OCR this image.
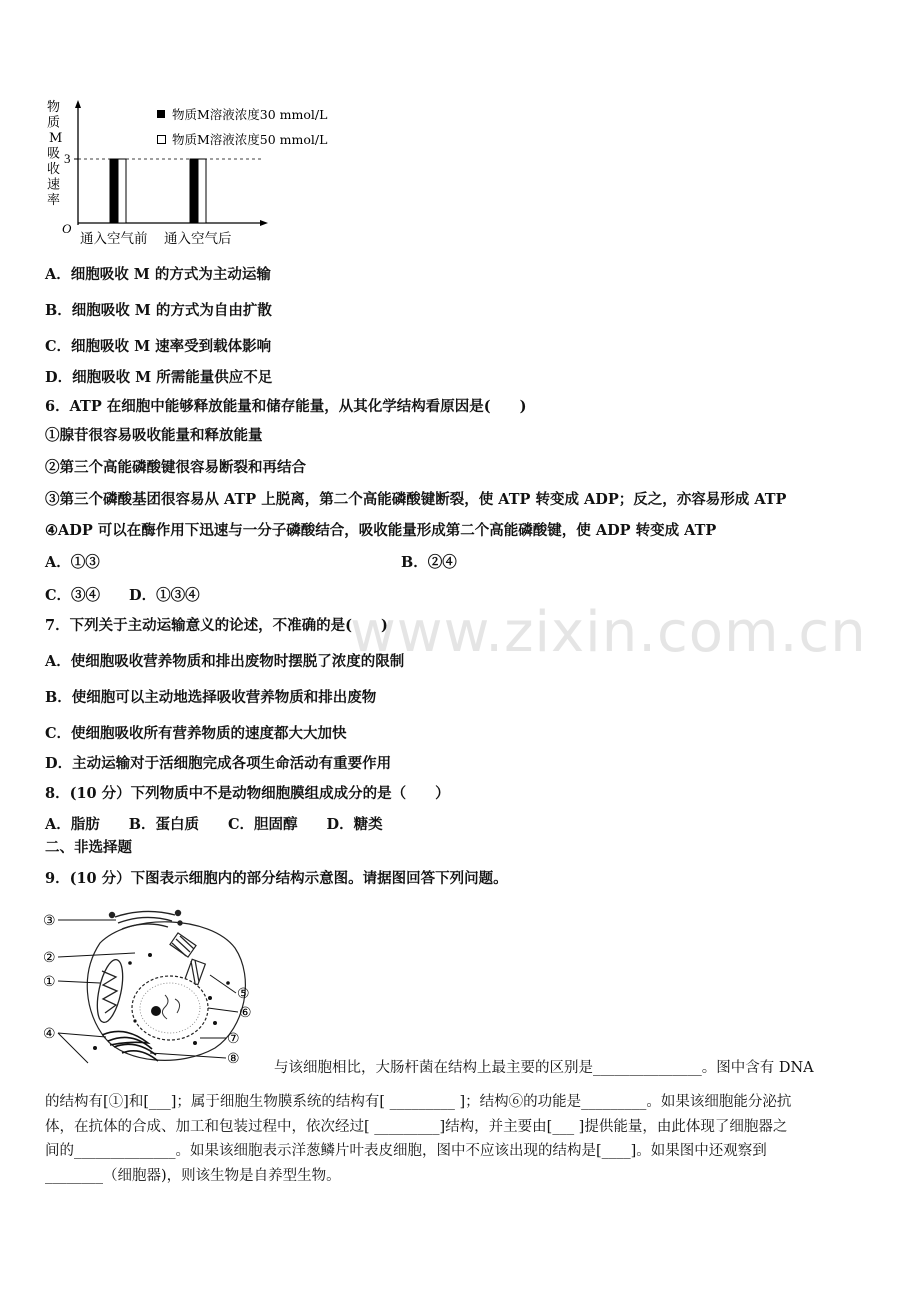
物
质
M
吸
收
速
率
O
3
通入空气前 通入空气后
物质M溶液浓度30 mmol/L
物质M溶液浓度50 mmol/L
A．细胞吸收 M 的方式为主动运输
B．细胞吸收 M 的方式为自由扩散
C．细胞吸收 M 速率受到载体影响
D．细胞吸收 M 所需能量供应不足
6．ATP 在细胞中能够释放能量和储存能量，从其化学结构看原因是(　　)
①腺苷很容易吸收能量和释放能量
②第三个高能磷酸键很容易断裂和再结合
③第三个磷酸基团很容易从 ATP 上脱离，第二个高能磷酸键断裂，使 ATP 转变成 ADP；反之，亦容易形成 ATP
④ADP 可以在酶作用下迅速与一分子磷酸结合，吸收能量形成第二个高能磷酸键，使 ADP 转变成 ATP
A．①③	B．②④
C．③④　　D．①③④
7．下列关于主动运输意义的论述，不准确的是(　　)
A．使细胞吸收营养物质和排出废物时摆脱了浓度的限制
B．使细胞可以主动地选择吸收营养物质和排出废物
C．使细胞吸收所有营养物质的速度都大大加快
D．主动运输对于活细胞完成各项生命活动有重要作用
8．(10 分）下列物质中不是动物细胞膜组成成分的是（　　）
A．脂肪　　B．蛋白质　　C．胆固醇　　D．糖类
二、非选择题
9．(10 分）下图表示细胞内的部分结构示意图。请据图回答下列问题。
③
②
①
⑤
⑥
④	⑦
⑧
与该细胞相比，大肠杆菌在结构上最主要的区别是_______________。图中含有 DNA
的结构有[①]和[___]；属于细胞生物膜系统的结构有[ _________ ]；结构⑥的功能是_________。如果该细胞能分泌抗
体，在抗体的合成、加工和包装过程中，依次经过[ _________]结构，并主要由[___ ]提供能量，由此体现了细胞器之
间的______________。如果该细胞表示洋葱鳞片叶表皮细胞，图中不应该出现的结构是[____]。如果图中还观察到
________（细胞器)，则该生物是自养型生物。
www.zixin.com.cn
